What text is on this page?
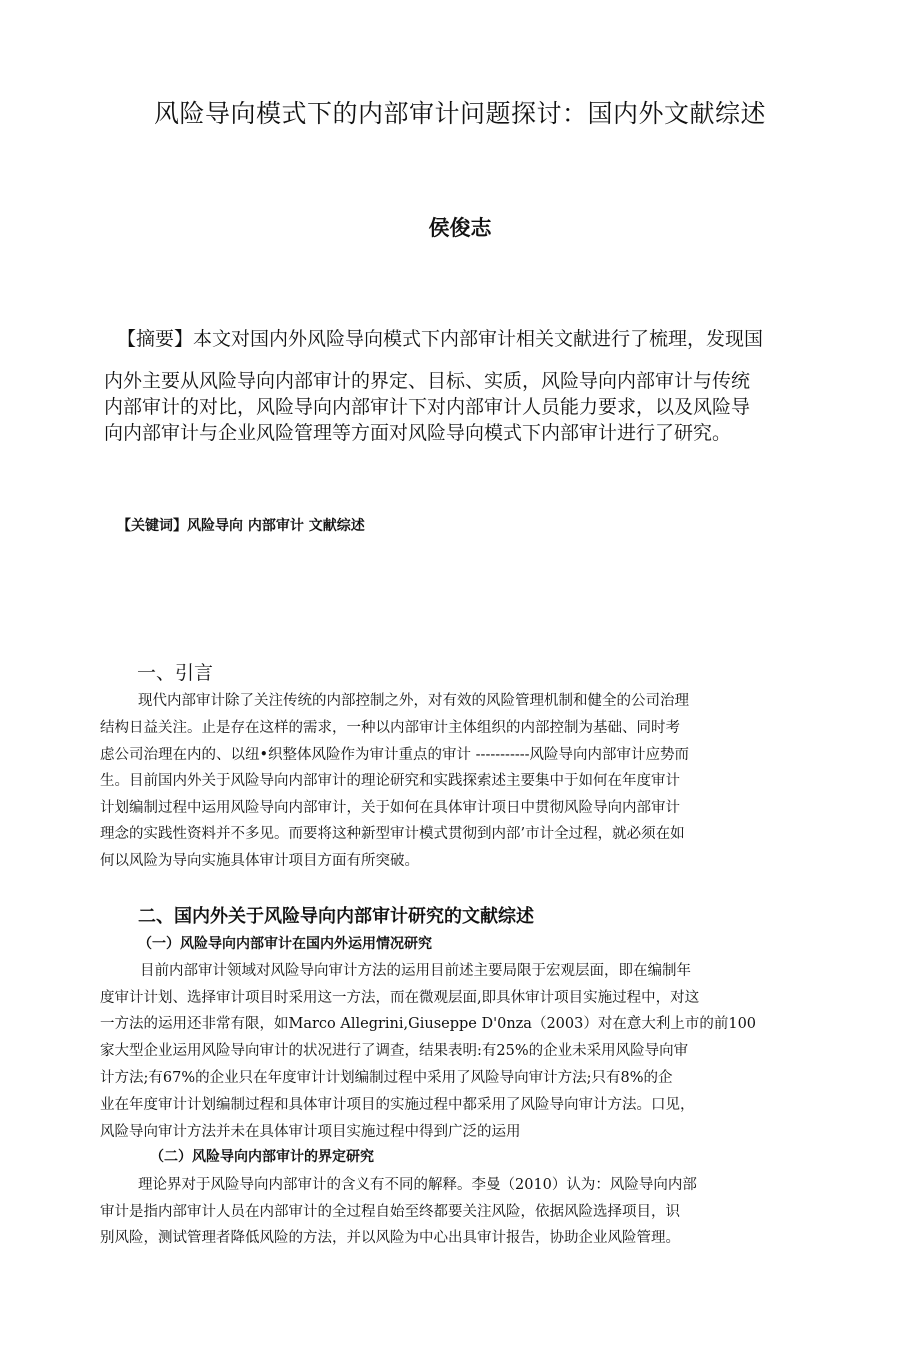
风险导向模式下的内部审计问题探讨：国内外文献综述
侯俊志
【摘要】本文对国内外风险导向模式下内部审计相关文献进行了梳理，发现国
内外主要从风险导向内部审计的界定、目标、实质，风险导向内部审计与传统
内部审计的对比，风险导向内部审计下对内部审计人员能力要求，以及风险导
向内部审计与企业风险管理等方面对风险导向模式下内部审计进行了研究。
【关键词】风险导向 内部审计 文献综述
一、引言
现代内部审计除了关注传统的内部控制之外，对有效的风险管理机制和健全的公司治理
结构日益关注。止是存在这样的需求，一种以内部审计主体组织的内部控制为基础、同时考
虑公司治理在内的、以纽•织整体风险作为审计重点的审计 -----------风险导向内部审计应势而
生。目前国内外关于风险导向内部审计的理论研究和实践探索述主要集中于如何在年度审计
计划编制过程中运用风险导向内部审计，关于如何在具体审计项日中贯彻风险导向内部审计
理念的实践性资料并不多见。而要将这种新型审计模式贯彻到内部’市计全过程，就必须在如
何以风险为导向实施具体审计项目方面有所突破。
二、国内外关于风险导向内部审计研究的文献综述
（一）风险导向内部审计在国内外运用情况研究
目前内部审计领域对风险导向审计方法的运用目前述主要局限于宏观层面，即在编制年
度审计计划、选择审计项目时采用这一方法，而在微观层面,即具休审计项目实施过程中，对这
一方法的运用还非常有限，如Marco Allegrini,Giuseppe D'0nza（2003）对在意大利上市的前100
家大型企业运用风险导向审计的状况进行了调查，结果表明:有25%的企业未采用风险导向审
计方法;有67%的企业只在年度审计计划编制过程中采用了风险导向审计方法;只有8%的企
业在年度审计计划编制过程和具体审计项目的实施过程中都采用了风险导向审计方法。口见，
风险导向审计方法并未在具体审计项目实施过程中得到广泛的运用
（二）风险导向内部审计的界定研究
理论界对于风险导向内部审计的含义有不同的解释。李曼（2010）认为：风险导向内部
审计是指内部审计人员在内部审计的全过程自始至终都要关注风险，依据风险选择项目，识
别风险，测试管理者降低风险的方法，并以风险为中心出具审计报告，协助企业风险管理。
